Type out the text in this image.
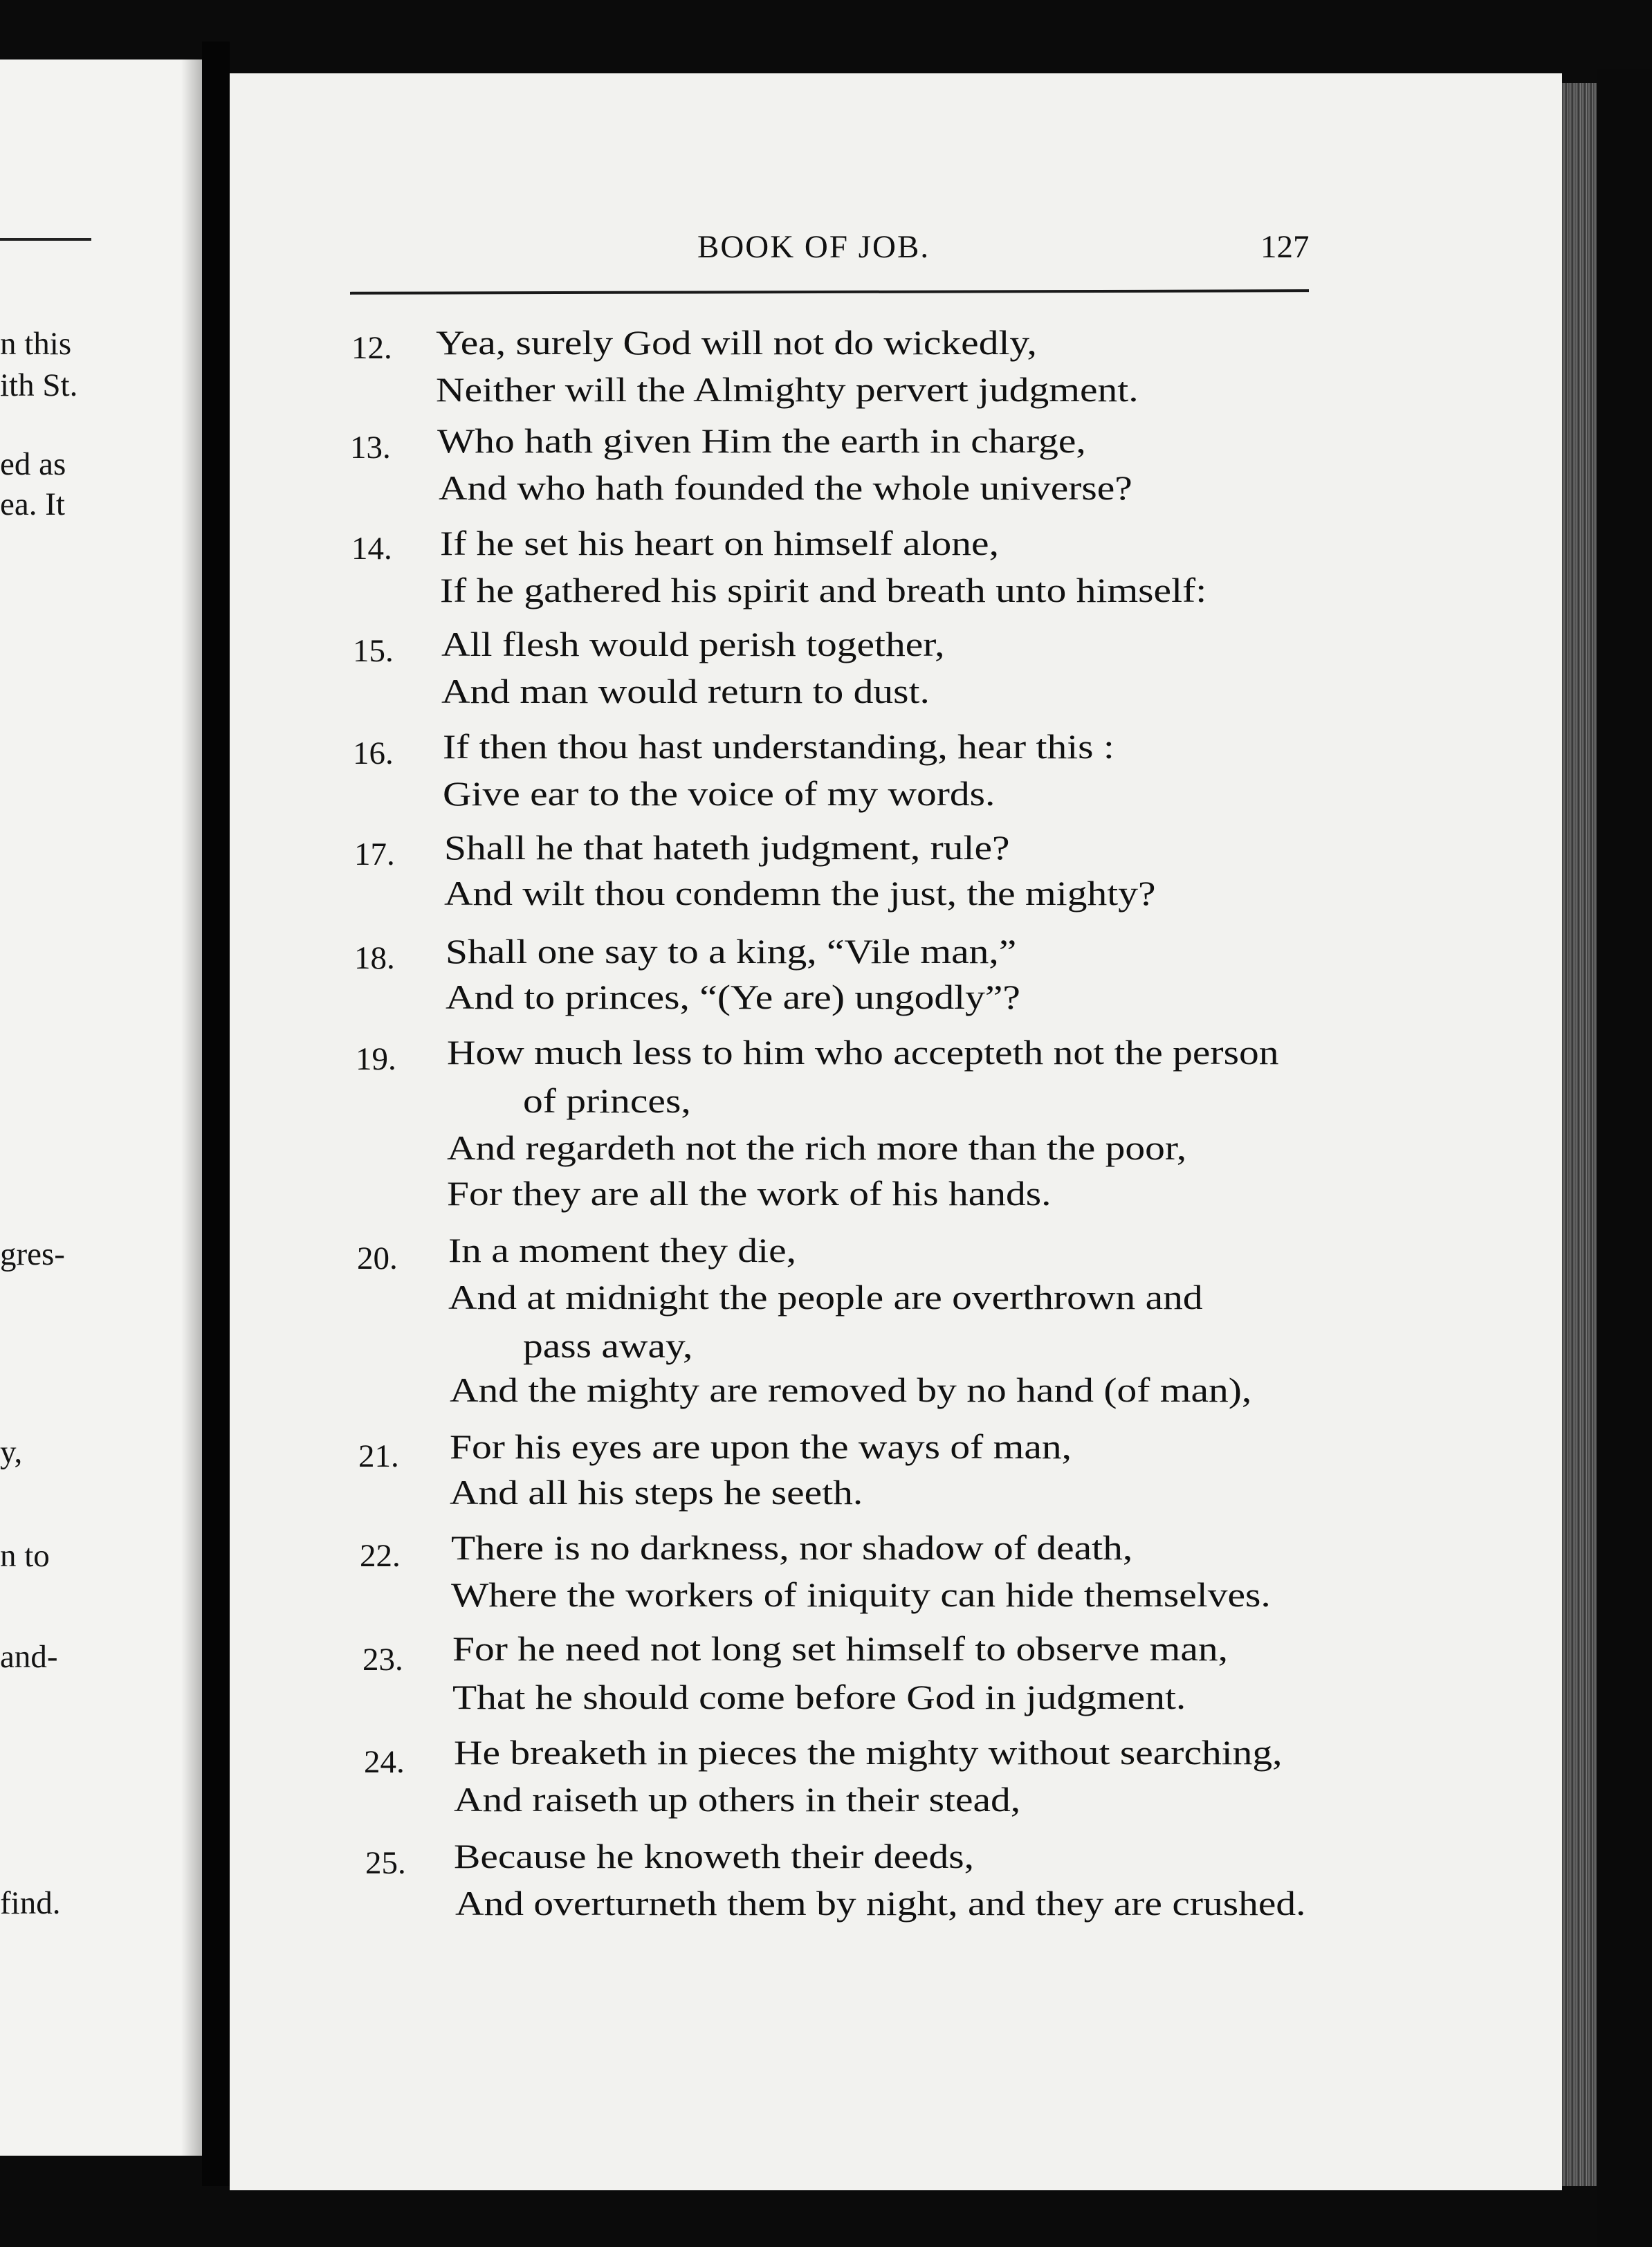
n this
ith St.
ed as
ea. It
gres-
y,
n to
and-
find.
BOOK OF JOB.	127
12.
13.
14.
15.
16.
17.
18.
19.
20.
21.
22.
23.
24.
25.
Yea, surely God will not do wickedly,
Neither will the Almighty pervert judgment.
Who hath given Him the earth in charge,
And who hath founded the whole universe?
If he set his heart on himself alone,
If he gathered his spirit and breath unto himself:
All flesh would perish together,
And man would return to dust.
If then thou hast understanding, hear this :
Give ear to the voice of my words.
Shall he that hateth judgment, rule?
And wilt thou condemn the just, the mighty?
Shall one say to a king, “Vile man,”
And to princes, “(Ye are) ungodly”?
How much less to him who accepteth not the person
of princes,
And regardeth not the rich more than the poor,
For they are all the work of his hands.
In a moment they die,
And at midnight the people are overthrown and
pass away,
And the mighty are removed by no hand (of man),
For his eyes are upon the ways of man,
And all his steps he seeth.
There is no darkness, nor shadow of death,
Where the workers of iniquity can hide themselves.
For he need not long set himself to observe man,
That he should come before God in judgment.
He breaketh in pieces the mighty without searching,
And raiseth up others in their stead,
Because he knoweth their deeds,
And overturneth them by night, and they are crushed.
